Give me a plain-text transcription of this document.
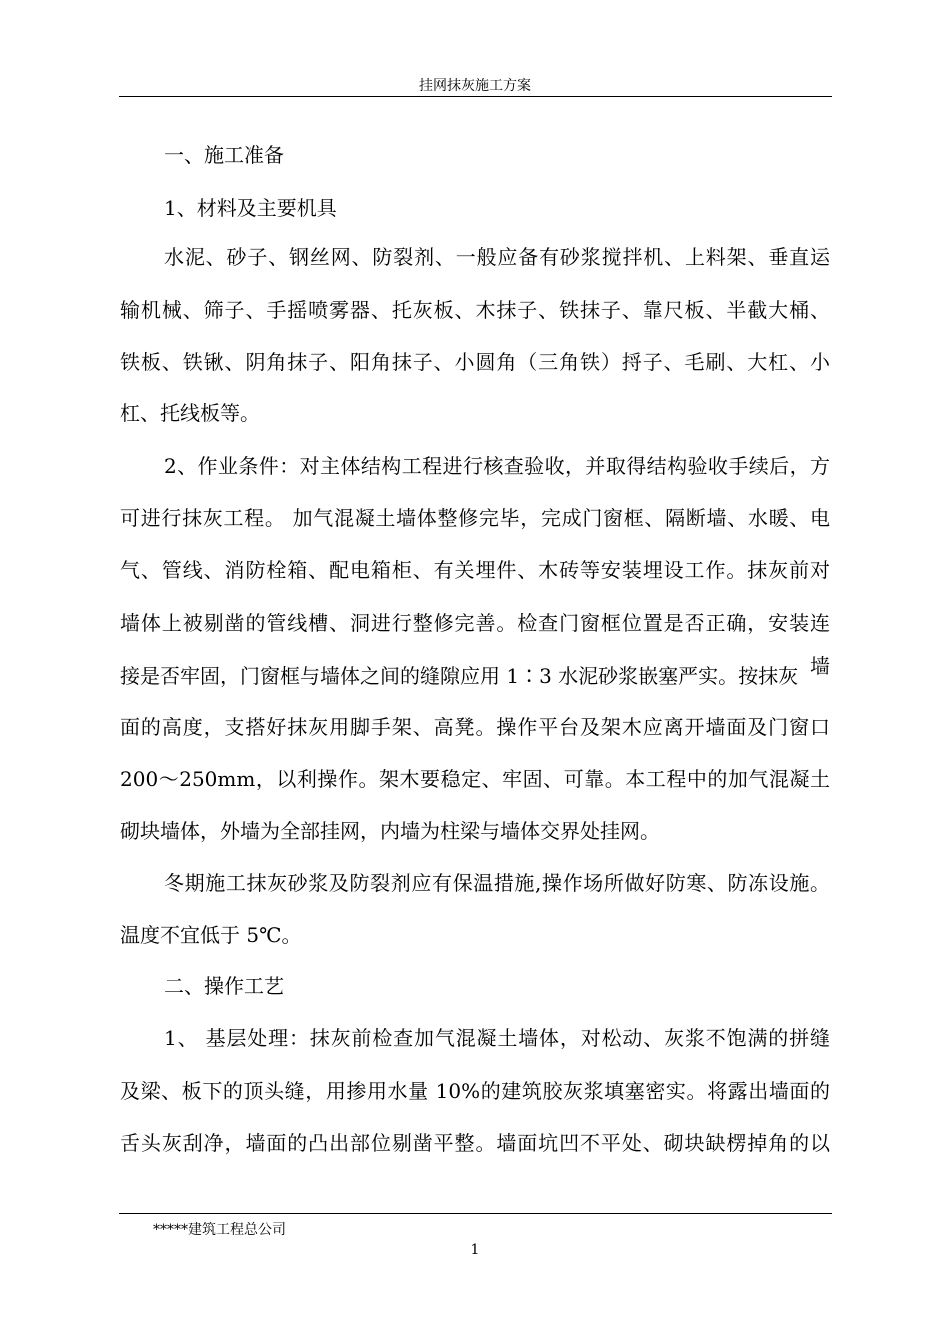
挂网抹灰施工方案
一、施工准备
1、材料及主要机具
水泥、砂子、钢丝网、防裂剂、一般应备有砂浆搅拌机、上料架、垂直运
输机械、筛子、手摇喷雾器、托灰板、木抹子、铁抹子、靠尺板、半截大桶、
铁板、铁锹、阴角抹子、阳角抹子、小圆角（三角铁）捋子、毛刷、大杠、小
杠、托线板等。
2、作业条件：对主体结构工程进行核查验收，并取得结构验收手续后，方
可进行抹灰工程。 加气混凝土墙体整修完毕，完成门窗框、隔断墙、水暖、电
气、管线、消防栓箱、配电箱柜、有关埋件、木砖等安装埋设工作。抹灰前对
墙体上被剔凿的管线槽、洞进行整修完善。检查门窗框位置是否正确，安装连
接是否牢固，门窗框与墙体之间的缝隙应用 1∶3 水泥砂浆嵌塞严实。按抹灰 墙
面的高度，支搭好抹灰用脚手架、高凳。操作平台及架木应离开墙面及门窗口
200～250mm，以利操作。架木要稳定、牢固、可靠。本工程中的加气混凝土
砌块墙体，外墙为全部挂网，内墙为柱梁与墙体交界处挂网。
冬期施工抹灰砂浆及防裂剂应有保温措施,操作场所做好防寒、防冻设施。
温度不宜低于 5℃。
二、操作工艺
1、 基层处理：抹灰前检查加气混凝土墙体，对松动、灰浆不饱满的拼缝
及梁、板下的顶头缝，用掺用水量 10%的建筑胶灰浆填塞密实。将露出墙面的
舌头灰刮净，墙面的凸出部位剔凿平整。墙面坑凹不平处、砌块缺楞掉角的以
*****建筑工程总公司
1
